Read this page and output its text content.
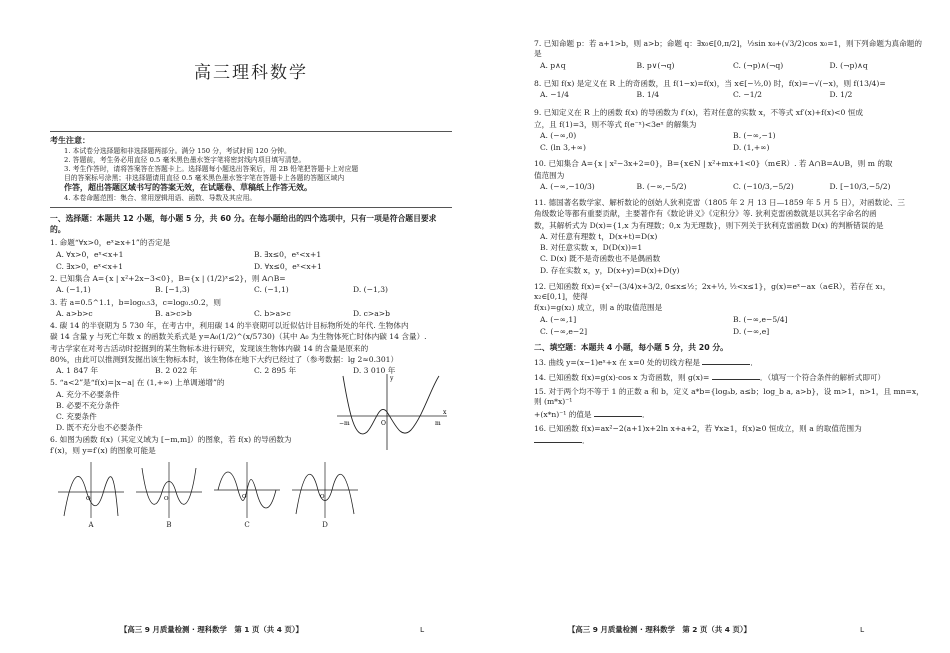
高三理科数学
考生注意：

1. 本试卷分选择题和非选择题两部分。满分 150 分，考试时间 120 分钟。

2. 答题前，考生务必用直径 0.5 毫米黑色墨水签字笔将密封线内项目填写清楚。

3. 考生作答时，请将答案答在答题卡上。选择题每小题选出答案后，用 2B 铅笔把答题卡上对应题

目的答案标号涂黑；非选择题请用直径 0.5 毫米黑色墨水签字笔在答题卡上各题的答题区域内

作答，超出答题区域书写的答案无效，在试题卷、草稿纸上作答无效。

4. 本卷命题范围：集合、常用逻辑用语、函数、导数及其应用。

一、选择题：本题共 12 小题，每小题 5 分，共 60 分。在每小题给出的四个选项中，只有一项是符合题目要求的。
1. 命题“∀x>0，eˣ≥x+1”的否定是
A. ∀x>0，eˣ<x+1	B. ∃x≤0，eˣ<x+1
C. ∃x>0，eˣ<x+1	D. ∀x≤0，eˣ<x+1
2. 已知集合 A={x | x²+2x−3<0}，B={x | (1/2)ˣ≤2}，则 A∩B=
A. (−1,1)	B. [−1,3)	C. (−1,1)	D. (−1,3)
3. 若 a=0.5^1.1，b=log₀.₅3，c=log₀.₅0.2，则
A. a>b>c	B. a>c>b	C. b>a>c	D. c>a>b
4. 碳 14 的半衰期为 5 730 年，在考古中，利用碳 14 的半衰期可以近似估计目标物所处的年代. 生物体内
碳 14 含量 y 与死亡年数 x 的函数关系式是 y=A₀(1/2)^(x/5730)（其中 A₀ 为生物体死亡时体内碳 14 含量）.
考古学家在对考古活动时挖掘到的某生物标本进行研究，发现该生物体内碳 14 的含量是原来的
80%，由此可以推测到发掘出该生物标本时，该生物体在地下大约已经过了（参考数据：lg 2≈0.301）
A. 1 847 年	B. 2 022 年	C. 2 895 年	D. 3 010 年
5. “a<2”是“f(x)=|x−a| 在 (1,+∞) 上单调递增”的
A. 充分不必要条件
B. 必要不充分条件
C. 充要条件
D. 既不充分也不必要条件
6. 如图为函数 f(x)（其定义域为 [−m,m]）的图象，若 f(x) 的导函数为
f′(x)，则 y=f′(x) 的图象可能是
−m	O	m
x
y
O
A
O
B
O
C
O
D
【高三 9 月质量检测 · 理科数学　第 1 页（共 4 页）】	L
7. 已知命题 p：若 a+1>b，则 a>b；命题 q：∃x₀∈[0,π/2]，½sin x₀+(√3/2)cos x₀=1，则下列命题为真命题的是
A. p∧q	B. p∨(¬q)	C. (¬p)∧(¬q)	D. (¬p)∧q
8. 已知 f(x) 是定义在 R 上的奇函数，且 f(1−x)=f(x)，当 x∈[−½,0) 时，f(x)=−√(−x)，则 f(13/4)=
A. −1/4	B. 1/4	C. −1/2	D. 1/2
9. 已知定义在 R 上的函数 f(x) 的导函数为 f′(x)，若对任意的实数 x，不等式 xf′(x)+f(x)<0 恒成
立，且 f(1)=3，则不等式 f(e⁻ˣ)<3eˣ 的解集为
A. (−∞,0)	B. (−∞,−1)
C. (ln 3,+∞)	D. (1,+∞)
10. 已知集合 A={x | x²−3x+2=0}，B={x∈N | x²+mx+1<0}（m∈R）. 若 A∩B=A∪B，则 m 的取
值范围为
A. (−∞,−10/3)	B. (−∞,−5/2)	C. (−10/3,−5/2)	D. [−10/3,−5/2)
11. 德国著名数学家、解析数论的创始人狄利克雷（1805 年 2 月 13 日—1859 年 5 月 5 日），对函数论、三
角级数论等都有重要贡献，主要著作有《数论讲义》《定积分》等. 狄利克雷函数就是以其名字命名的函
数，其解析式为 D(x)={1,x 为有理数；0,x 为无理数}，则下列关于狄利克雷函数 D(x) 的判断错误的是
A. 对任意有理数 t，D(x+t)=D(x)
B. 对任意实数 x，D(D(x))=1
C. D(x) 既不是奇函数也不是偶函数
D. 存在实数 x，y，D(x+y)=D(x)+D(y)
12. 已知函数 f(x)={x²−(3/4)x+3/2, 0≤x≤½；2x+½, ½<x≤1}，g(x)=eˣ−ax（a∈R），若存在 x₁，x₂∈[0,1]，使得
f(x₁)=g(x₂) 成立，则 a 的取值范围是
A. (−∞,1]	B. (−∞,e−5/4]
C. (−∞,e−2]	D. (−∞,e]
二、填空题：本题共 4 小题，每小题 5 分，共 20 分。
13. 曲线 y=(x−1)eˣ+x 在 x=0 处的切线方程是	．
14. 已知函数 f(x)=g(x)·cos x 为奇函数，则 g(x)=	．（填写一个符合条件的解析式即可）
15. 对于两个均不等于 1 的正数 a 和 b，定义 a*b={logₐb, a≤b；log_b a, a>b}，设 m>1，n>1，且 mn=x，则 (m*x)⁻¹
+(x*n)⁻¹ 的值是	．
16. 已知函数 f(x)=ax²−2(a+1)x+2ln x+a+2，若 ∀x≥1，f(x)≥0 恒成立，则 a 的取值范围为
．
【高三 9 月质量检测 · 理科数学　第 2 页（共 4 页）】	L
